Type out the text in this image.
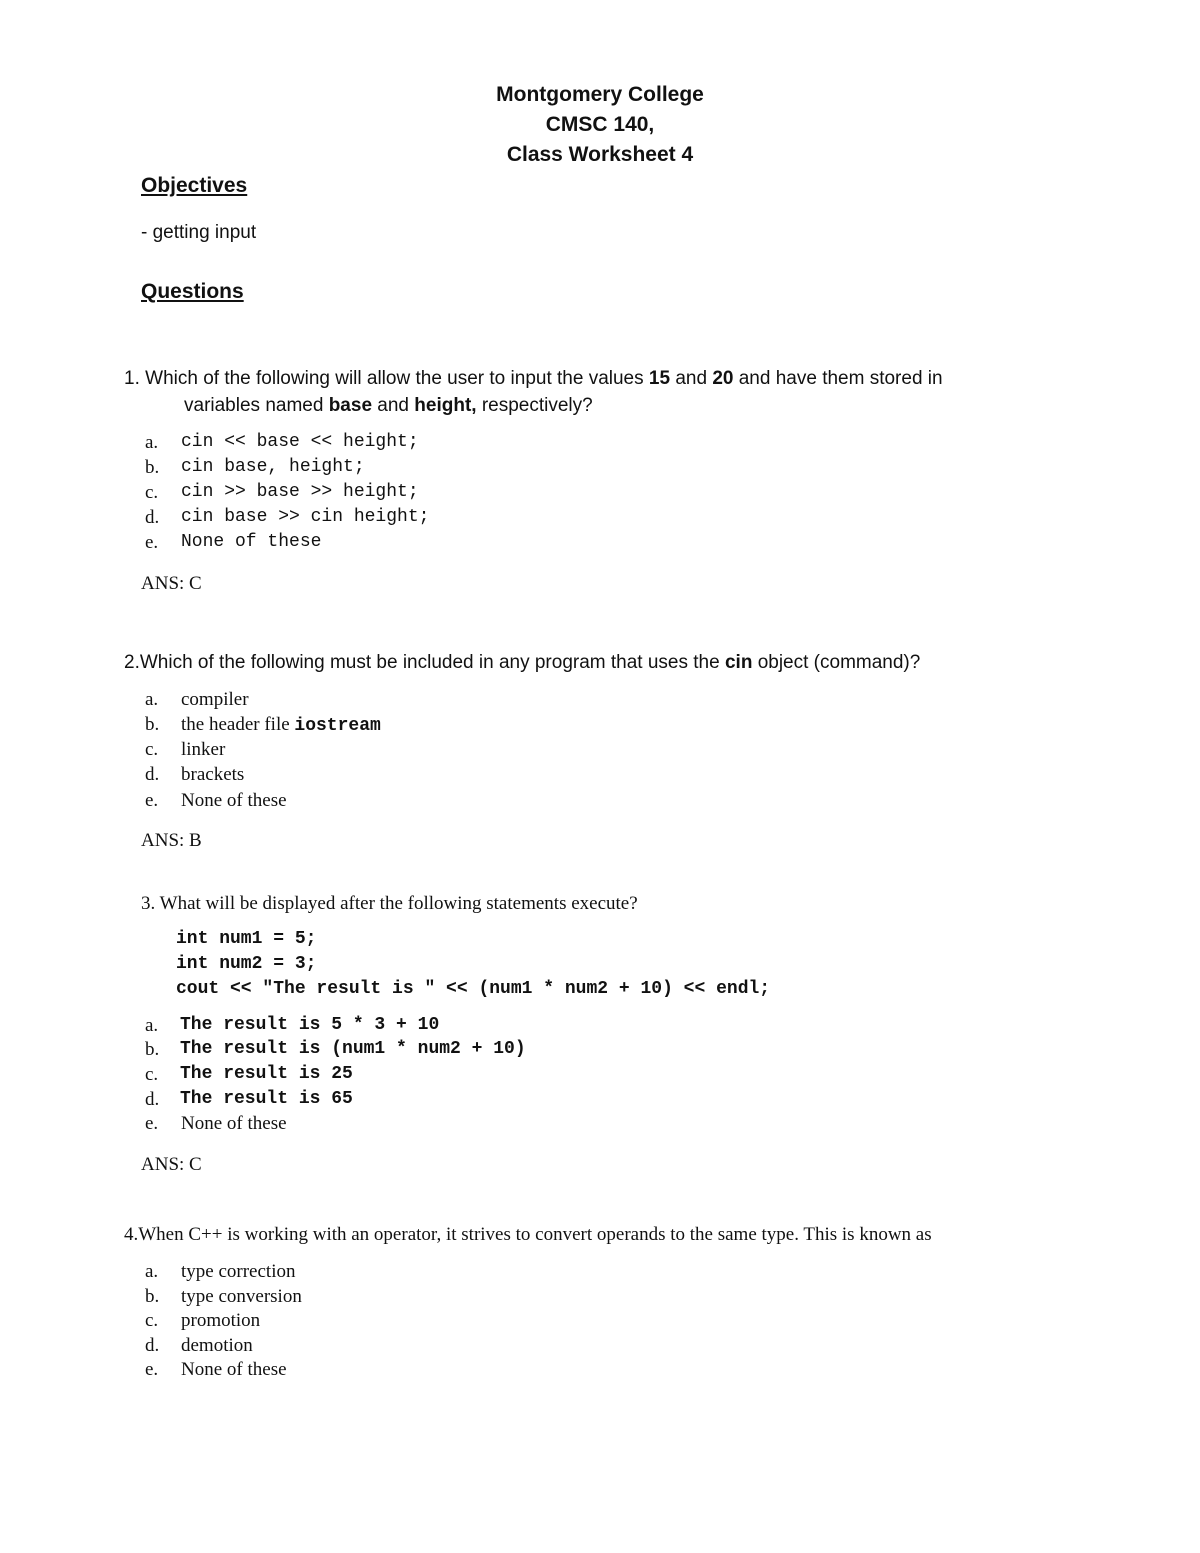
Montgomery College
CMSC 140,
Class Worksheet 4
Objectives
- getting input
Questions
1. Which of the following will allow the user to input the values 15 and 20 and have them stored in
variables named base and height, respectively?
a. cin << base << height;
b. cin base, height;
c. cin >> base >> height;
d. cin base >> cin height;
e. None of these
ANS: C
2.Which of the following must be included in any program that uses the cin object (command)?
a. compiler
b. the header file iostream
c. linker
d. brackets
e. None of these
ANS: B
3. What will be displayed after the following statements execute?
int num1 = 5;
int num2 = 3;
cout << "The result is " << (num1 * num2 + 10) << endl;
a. The result is 5 * 3 + 10
b. The result is (num1 * num2 + 10)
c. The result is 25
d. The result is 65
e. None of these
ANS: C
4.When C++ is working with an operator, it strives to convert operands to the same type. This is known as
a. type correction
b. type conversion
c. promotion
d. demotion
e. None of these
